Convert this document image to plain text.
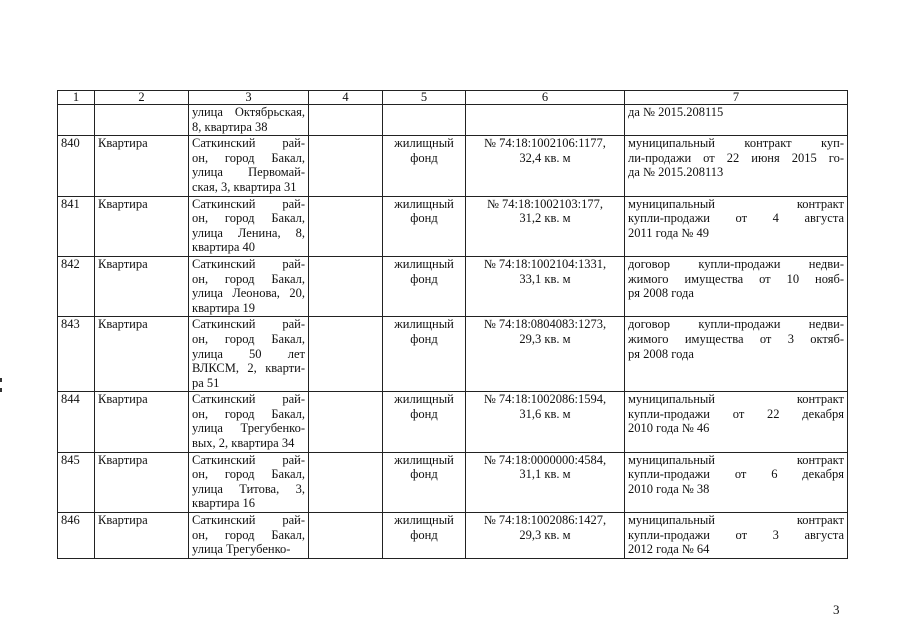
1	2	3	4	5	6	7

		улица Октябрьская,
8, квартира 38				да № 2015.208115

840	Квартира	Саткинский рай-
он, город Бакал,
улица Первомай-
ская, 3, квартира 31		жилищный
фонд	№ 74:18:1002106:1177,
32,4 кв. м	муниципальный контракт куп-
ли-продажи от 22 июня 2015 го-
да № 2015.208113

841	Квартира	Саткинский рай-
он, город Бакал,
улица Ленина, 8,
квартира 40		жилищный
фонд	№ 74:18:1002103:177,
31,2 кв. м	муниципальный контракт
купли-продажи от 4 августа
2011 года № 49

842	Квартира	Саткинский рай-
он, город Бакал,
улица Леонова, 20,
квартира 19		жилищный
фонд	№ 74:18:1002104:1331,
33,1 кв. м	договор купли-продажи недви-
жимого имущества от 10 нояб-
ря 2008 года

843	Квартира	Саткинский рай-
он, город Бакал,
улица 50 лет
ВЛКСМ, 2, кварти-
ра 51		жилищный
фонд	№ 74:18:0804083:1273,
29,3 кв. м	договор купли-продажи недви-
жимого имущества от 3 октяб-
ря 2008 года

844	Квартира	Саткинский рай-
он, город Бакал,
улица Трегубенко-
вых, 2, квартира 34		жилищный
фонд	№ 74:18:1002086:1594,
31,6 кв. м	муниципальный контракт
купли-продажи от 22 декабря
2010 года № 46

845	Квартира	Саткинский рай-
он, город Бакал,
улица Титова, 3,
квартира 16		жилищный
фонд	№ 74:18:0000000:4584,
31,1 кв. м	муниципальный контракт
купли-продажи от 6 декабря
2010 года № 38

846	Квартира	Саткинский рай-
он, город Бакал,
улица Трегубенко-		жилищный
фонд	№ 74:18:1002086:1427,
29,3 кв. м	муниципальный контракт
купли-продажи от 3 августа
2012 года № 64
3
